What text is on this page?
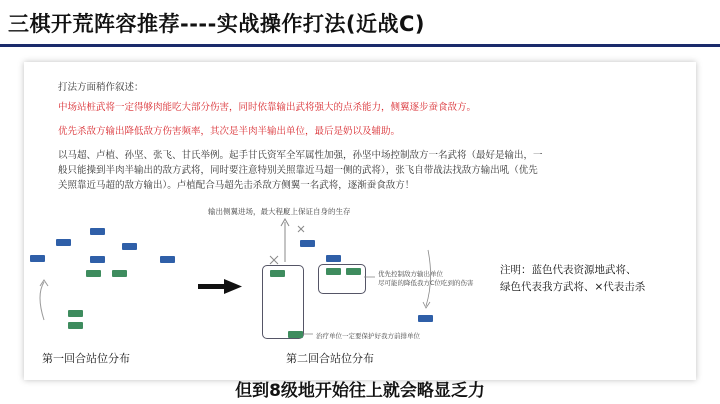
三棋开荒阵容推荐----实战操作打法(近战C)
打法方面稍作叙述：
中场站桩武将一定得够肉能吃大部分伤害，同时依靠输出武将强大的点杀能力，侧翼逐步蚕食敌方。
优先杀敌方输出降低敌方伤害频率，其次是半肉半输出单位，最后是奶以及辅助。
以马超、卢植、孙坚、张飞、甘氏举例。起手甘氏资军全军属性加强，孙坚中场控制敌方一名武将（最好是输出，一
般只能操到半肉半输出的敌方武将，同时要注意特别关照靠近马超一侧的武将），张飞自带战法找敌方输出吼（优先
关照靠近马超的敌方输出）。卢植配合马超先击杀敌方侧翼一名武将，逐渐蚕食敌方！
输出侧翼进场，最大程度上保证自身的生存
优先控制敌方输出单位
尽可能的降低我方C位吃到的伤害
治疗单位一定要保护好我方前排单位
注明：蓝色代表资源地武将、
绿色代表我方武将、×代表击杀
第一回合站位分布	第二回合站位分布
但到8级地开始往上就会略显乏力
